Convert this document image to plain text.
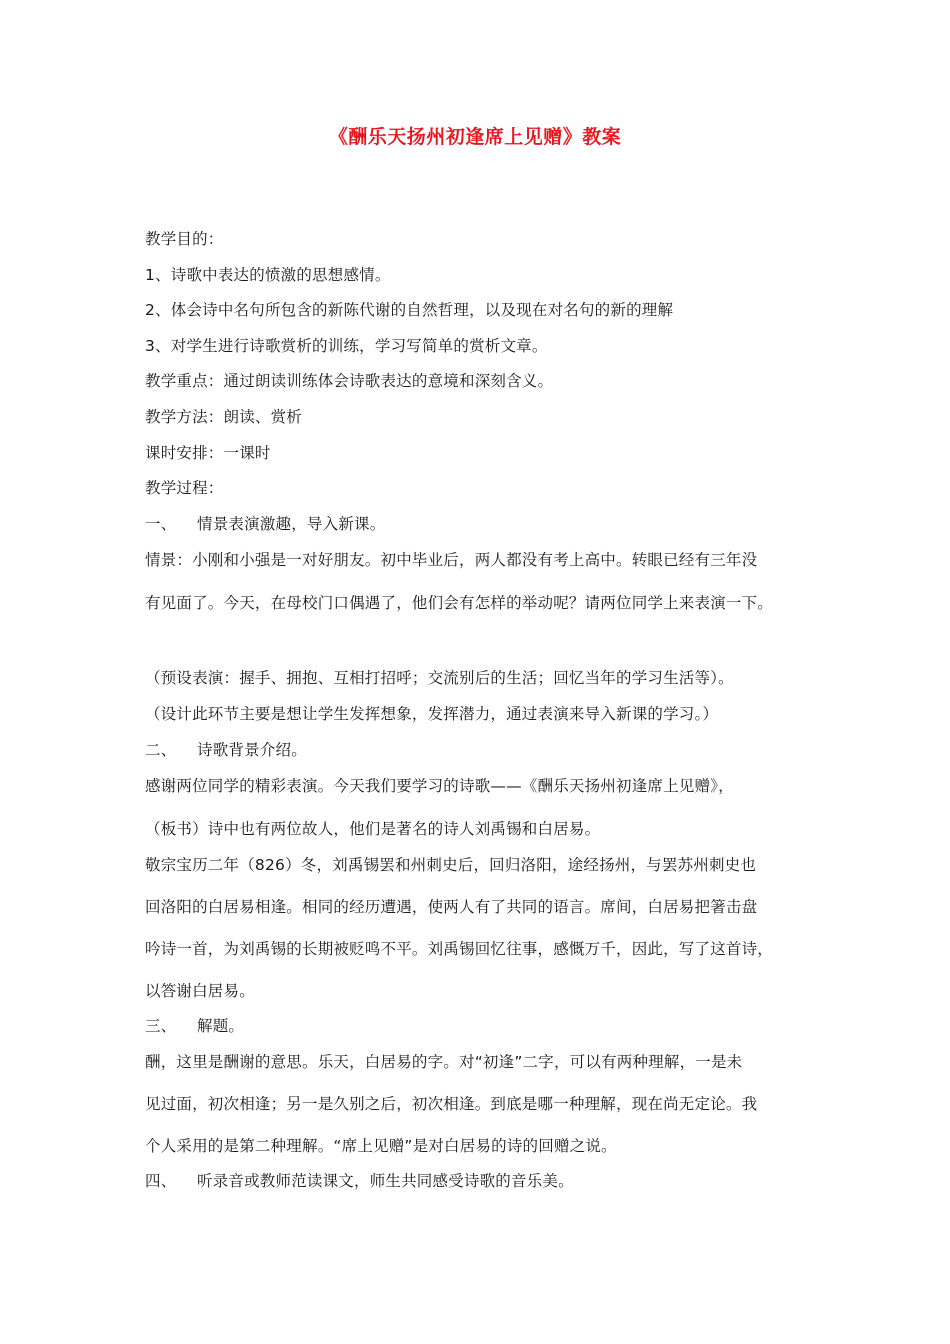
《酬乐天扬州初逢席上见赠》教案
教学目的：
1、诗歌中表达的愤激的思想感情。
2、体会诗中名句所包含的新陈代谢的自然哲理，以及现在对名句的新的理解
3、对学生进行诗歌赏析的训练，学习写简单的赏析文章。
教学重点：通过朗读训练体会诗歌表达的意境和深刻含义。
教学方法：朗读、赏析
课时安排：一课时
教学过程：
一、 情景表演激趣，导入新课。
情景：小刚和小强是一对好朋友。初中毕业后，两人都没有考上高中。转眼已经有三年没
有见面了。今天，在母校门口偶遇了，他们会有怎样的举动呢？请两位同学上来表演一下。
（预设表演：握手、拥抱、互相打招呼；交流别后的生活；回忆当年的学习生活等）。
（设计此环节主要是想让学生发挥想象，发挥潜力，通过表演来导入新课的学习。）
二、 诗歌背景介绍。
感谢两位同学的精彩表演。今天我们要学习的诗歌——《酬乐天扬州初逢席上见赠》，
（板书）诗中也有两位故人，他们是著名的诗人刘禹锡和白居易。
敬宗宝历二年（826）冬，刘禹锡罢和州刺史后，回归洛阳，途经扬州，与罢苏州刺史也
回洛阳的白居易相逢。相同的经历遭遇，使两人有了共同的语言。席间，白居易把箸击盘
吟诗一首，为刘禹锡的长期被贬鸣不平。刘禹锡回忆往事，感慨万千，因此，写了这首诗，
以答谢白居易。
三、 解题。
酬，这里是酬谢的意思。乐天，白居易的字。对“初逢”二字，可以有两种理解，一是未
见过面，初次相逢；另一是久别之后，初次相逢。到底是哪一种理解，现在尚无定论。我
个人采用的是第二种理解。“席上见赠”是对白居易的诗的回赠之说。
四、 听录音或教师范读课文，师生共同感受诗歌的音乐美。
